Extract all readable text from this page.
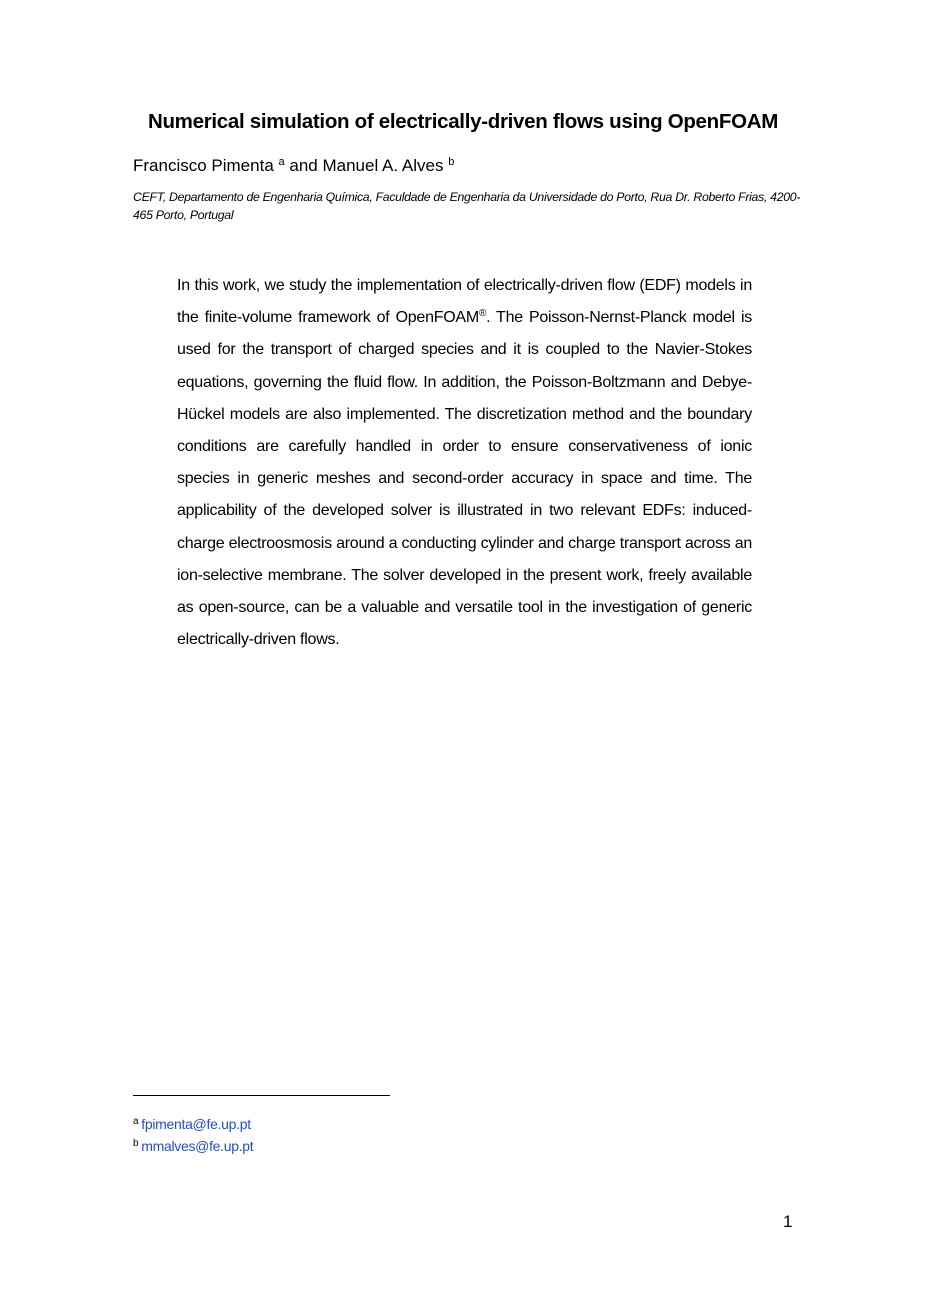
Numerical simulation of electrically-driven flows using OpenFOAM

Francisco Pimenta $^a$ and Manuel A. Alves $^b$

CEFT, Departamento de Engenharia Química, Faculdade de Engenharia da Universidade do Porto, Rua Dr. Roberto Frias, 4200-465 Porto, Portugal

In this work, we study the implementation of electrically-driven flow (EDF) models in the finite-volume framework of OpenFOAM®. The Poisson-Nernst-Planck model is used for the transport of charged species and it is coupled to the Navier-Stokes equations, governing the fluid flow. In addition, the Poisson-Boltzmann and Debye-Hückel models are also implemented. The discretization method and the boundary conditions are carefully handled in order to ensure conservativeness of ionic species in generic meshes and second-order accuracy in space and time. The applicability of the developed solver is illustrated in two relevant EDFs: induced-charge electroosmosis around a conducting cylinder and charge transport across an ion-selective membrane. The solver developed in the present work, freely available as open-source, can be a valuable and versatile tool in the investigation of generic electrically-driven flows.

$^a$ fpimenta@fe.up.pt

$^b$ mmalves@fe.up.pt

1
